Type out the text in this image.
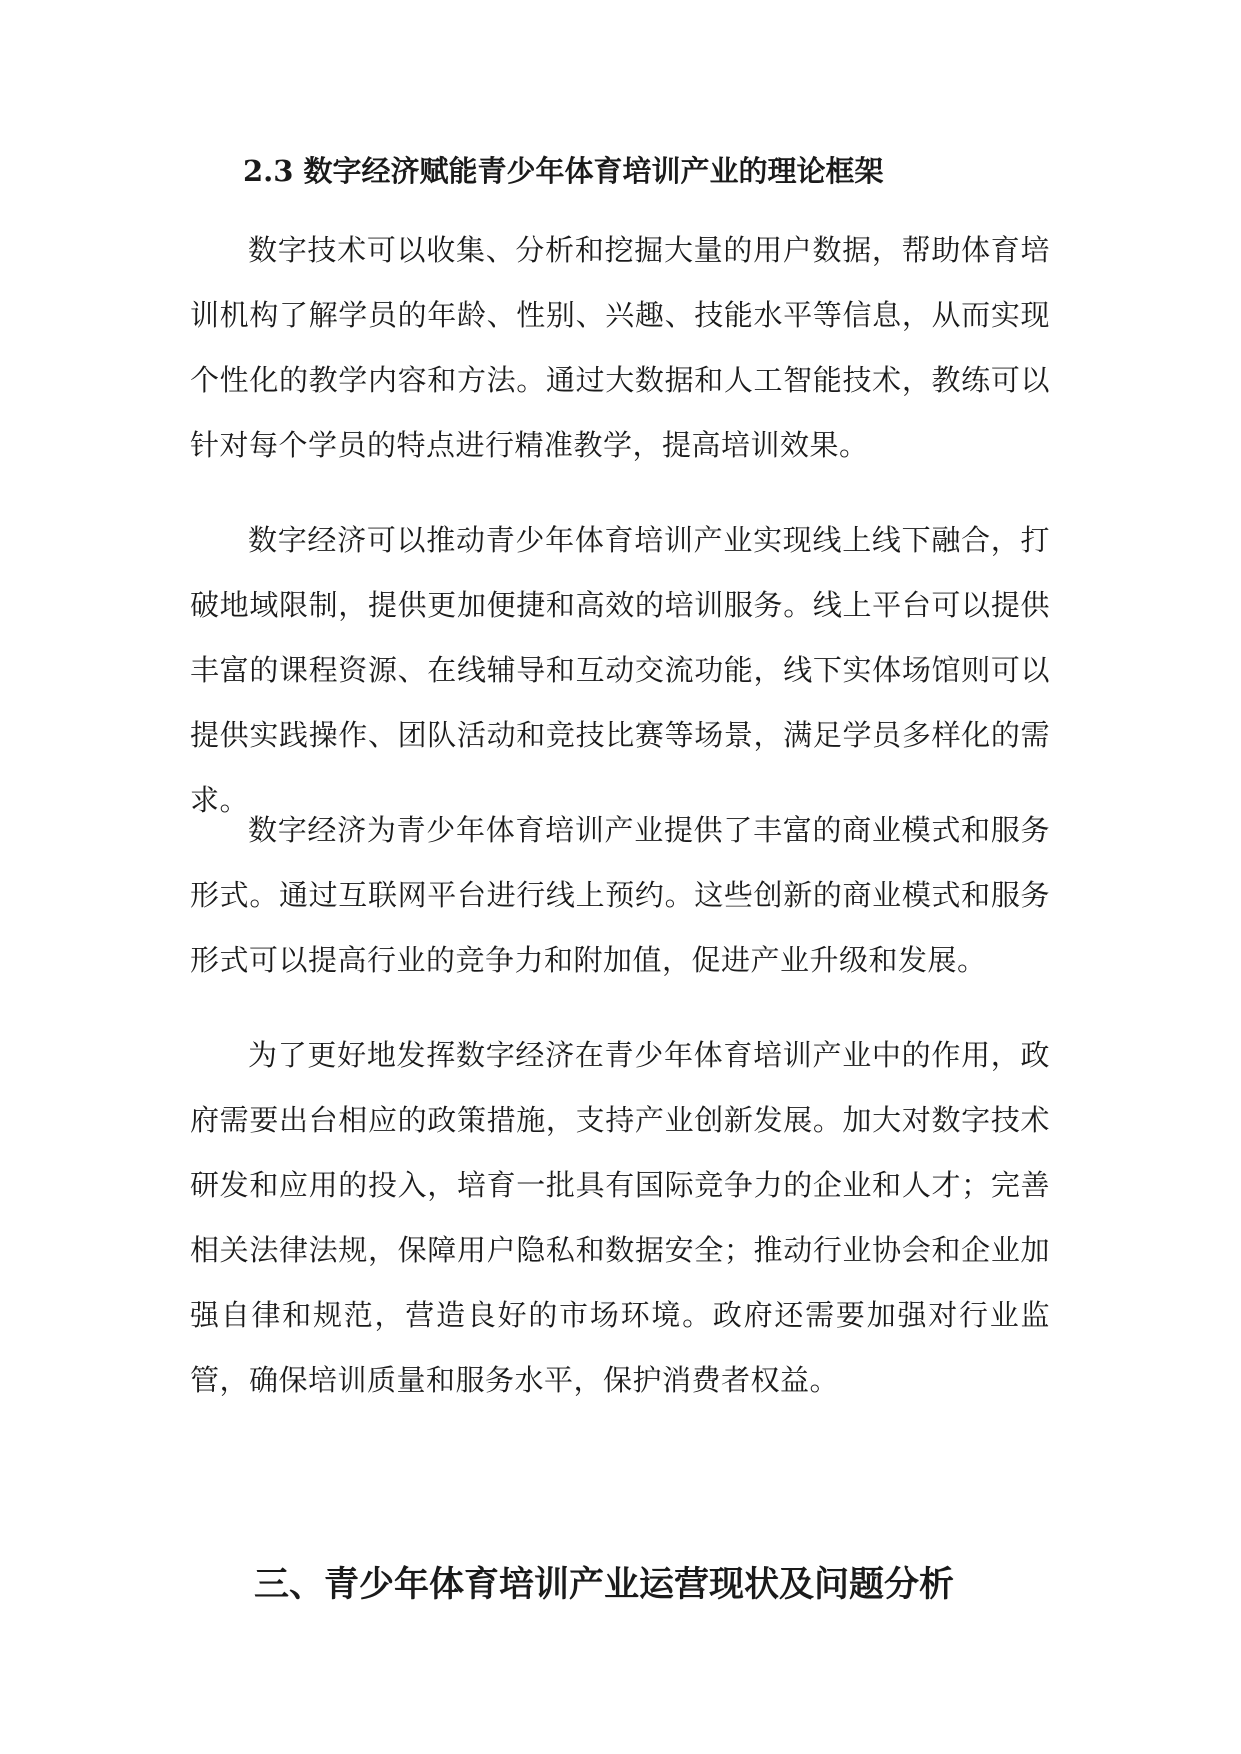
2.3 数字经济赋能青少年体育培训产业的理论框架

数字技术可以收集、分析和挖掘大量的用户数据，帮助体育培训机构了解学员的年龄、性别、兴趣、技能水平等信息，从而实现个性化的教学内容和方法。通过大数据和人工智能技术，教练可以针对每个学员的特点进行精准教学，提高培训效果。

数字经济可以推动青少年体育培训产业实现线上线下融合，打破地域限制，提供更加便捷和高效的培训服务。线上平台可以提供丰富的课程资源、在线辅导和互动交流功能，线下实体场馆则可以提供实践操作、团队活动和竞技比赛等场景，满足学员多样化的需求。

数字经济为青少年体育培训产业提供了丰富的商业模式和服务形式。通过互联网平台进行线上预约。这些创新的商业模式和服务形式可以提高行业的竞争力和附加值，促进产业升级和发展。

为了更好地发挥数字经济在青少年体育培训产业中的作用，政府需要出台相应的政策措施，支持产业创新发展。加大对数字技术研发和应用的投入，培育一批具有国际竞争力的企业和人才；完善相关法律法规，保障用户隐私和数据安全；推动行业协会和企业加强自律和规范，营造良好的市场环境。政府还需要加强对行业监管，确保培训质量和服务水平，保护消费者权益。

三、青少年体育培训产业运营现状及问题分析
